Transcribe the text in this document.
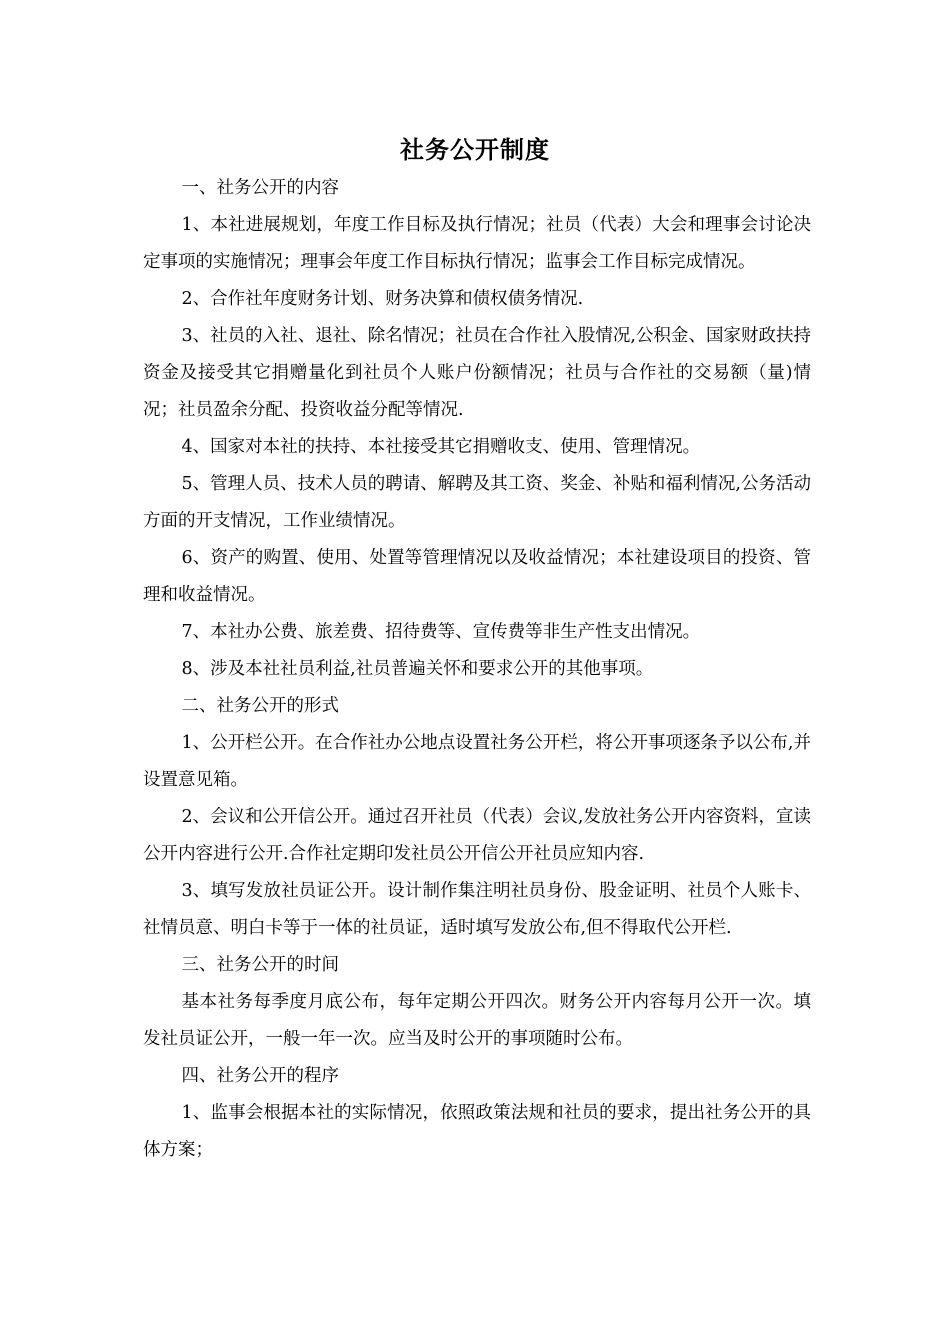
社务公开制度

一、社务公开的内容

1、本社进展规划，年度工作目标及执行情况；社员（代表）大会和理事会讨论决定事项的实施情况；理事会年度工作目标执行情况；监事会工作目标完成情况。

2、合作社年度财务计划、财务决算和债权债务情况.

3、社员的入社、退社、除名情况；社员在合作社入股情况,公积金、国家财政扶持资金及接受其它捐赠量化到社员个人账户份额情况；社员与合作社的交易额（量)情况；社员盈余分配、投资收益分配等情况.

4、国家对本社的扶持、本社接受其它捐赠收支、使用、管理情况。

5、管理人员、技术人员的聘请、解聘及其工资、奖金、补贴和福利情况,公务活动方面的开支情况，工作业绩情况。

6、资产的购置、使用、处置等管理情况以及收益情况；本社建设项目的投资、管理和收益情况。

7、本社办公费、旅差费、招待费等、宣传费等非生产性支出情况。

8、涉及本社社员利益,社员普遍关怀和要求公开的其他事项。

二、社务公开的形式

1、公开栏公开。在合作社办公地点设置社务公开栏，将公开事项逐条予以公布,并设置意见箱。

2、会议和公开信公开。通过召开社员（代表）会议,发放社务公开内容资料，宣读公开内容进行公开.合作社定期印发社员公开信公开社员应知内容.

3、填写发放社员证公开。设计制作集注明社员身份、股金证明、社员个人账卡、社情员意、明白卡等于一体的社员证，适时填写发放公布,但不得取代公开栏.

三、社务公开的时间

基本社务每季度月底公布，每年定期公开四次。财务公开内容每月公开一次。填发社员证公开，一般一年一次。应当及时公开的事项随时公布。

四、社务公开的程序

1、监事会根据本社的实际情况，依照政策法规和社员的要求，提出社务公开的具体方案；
